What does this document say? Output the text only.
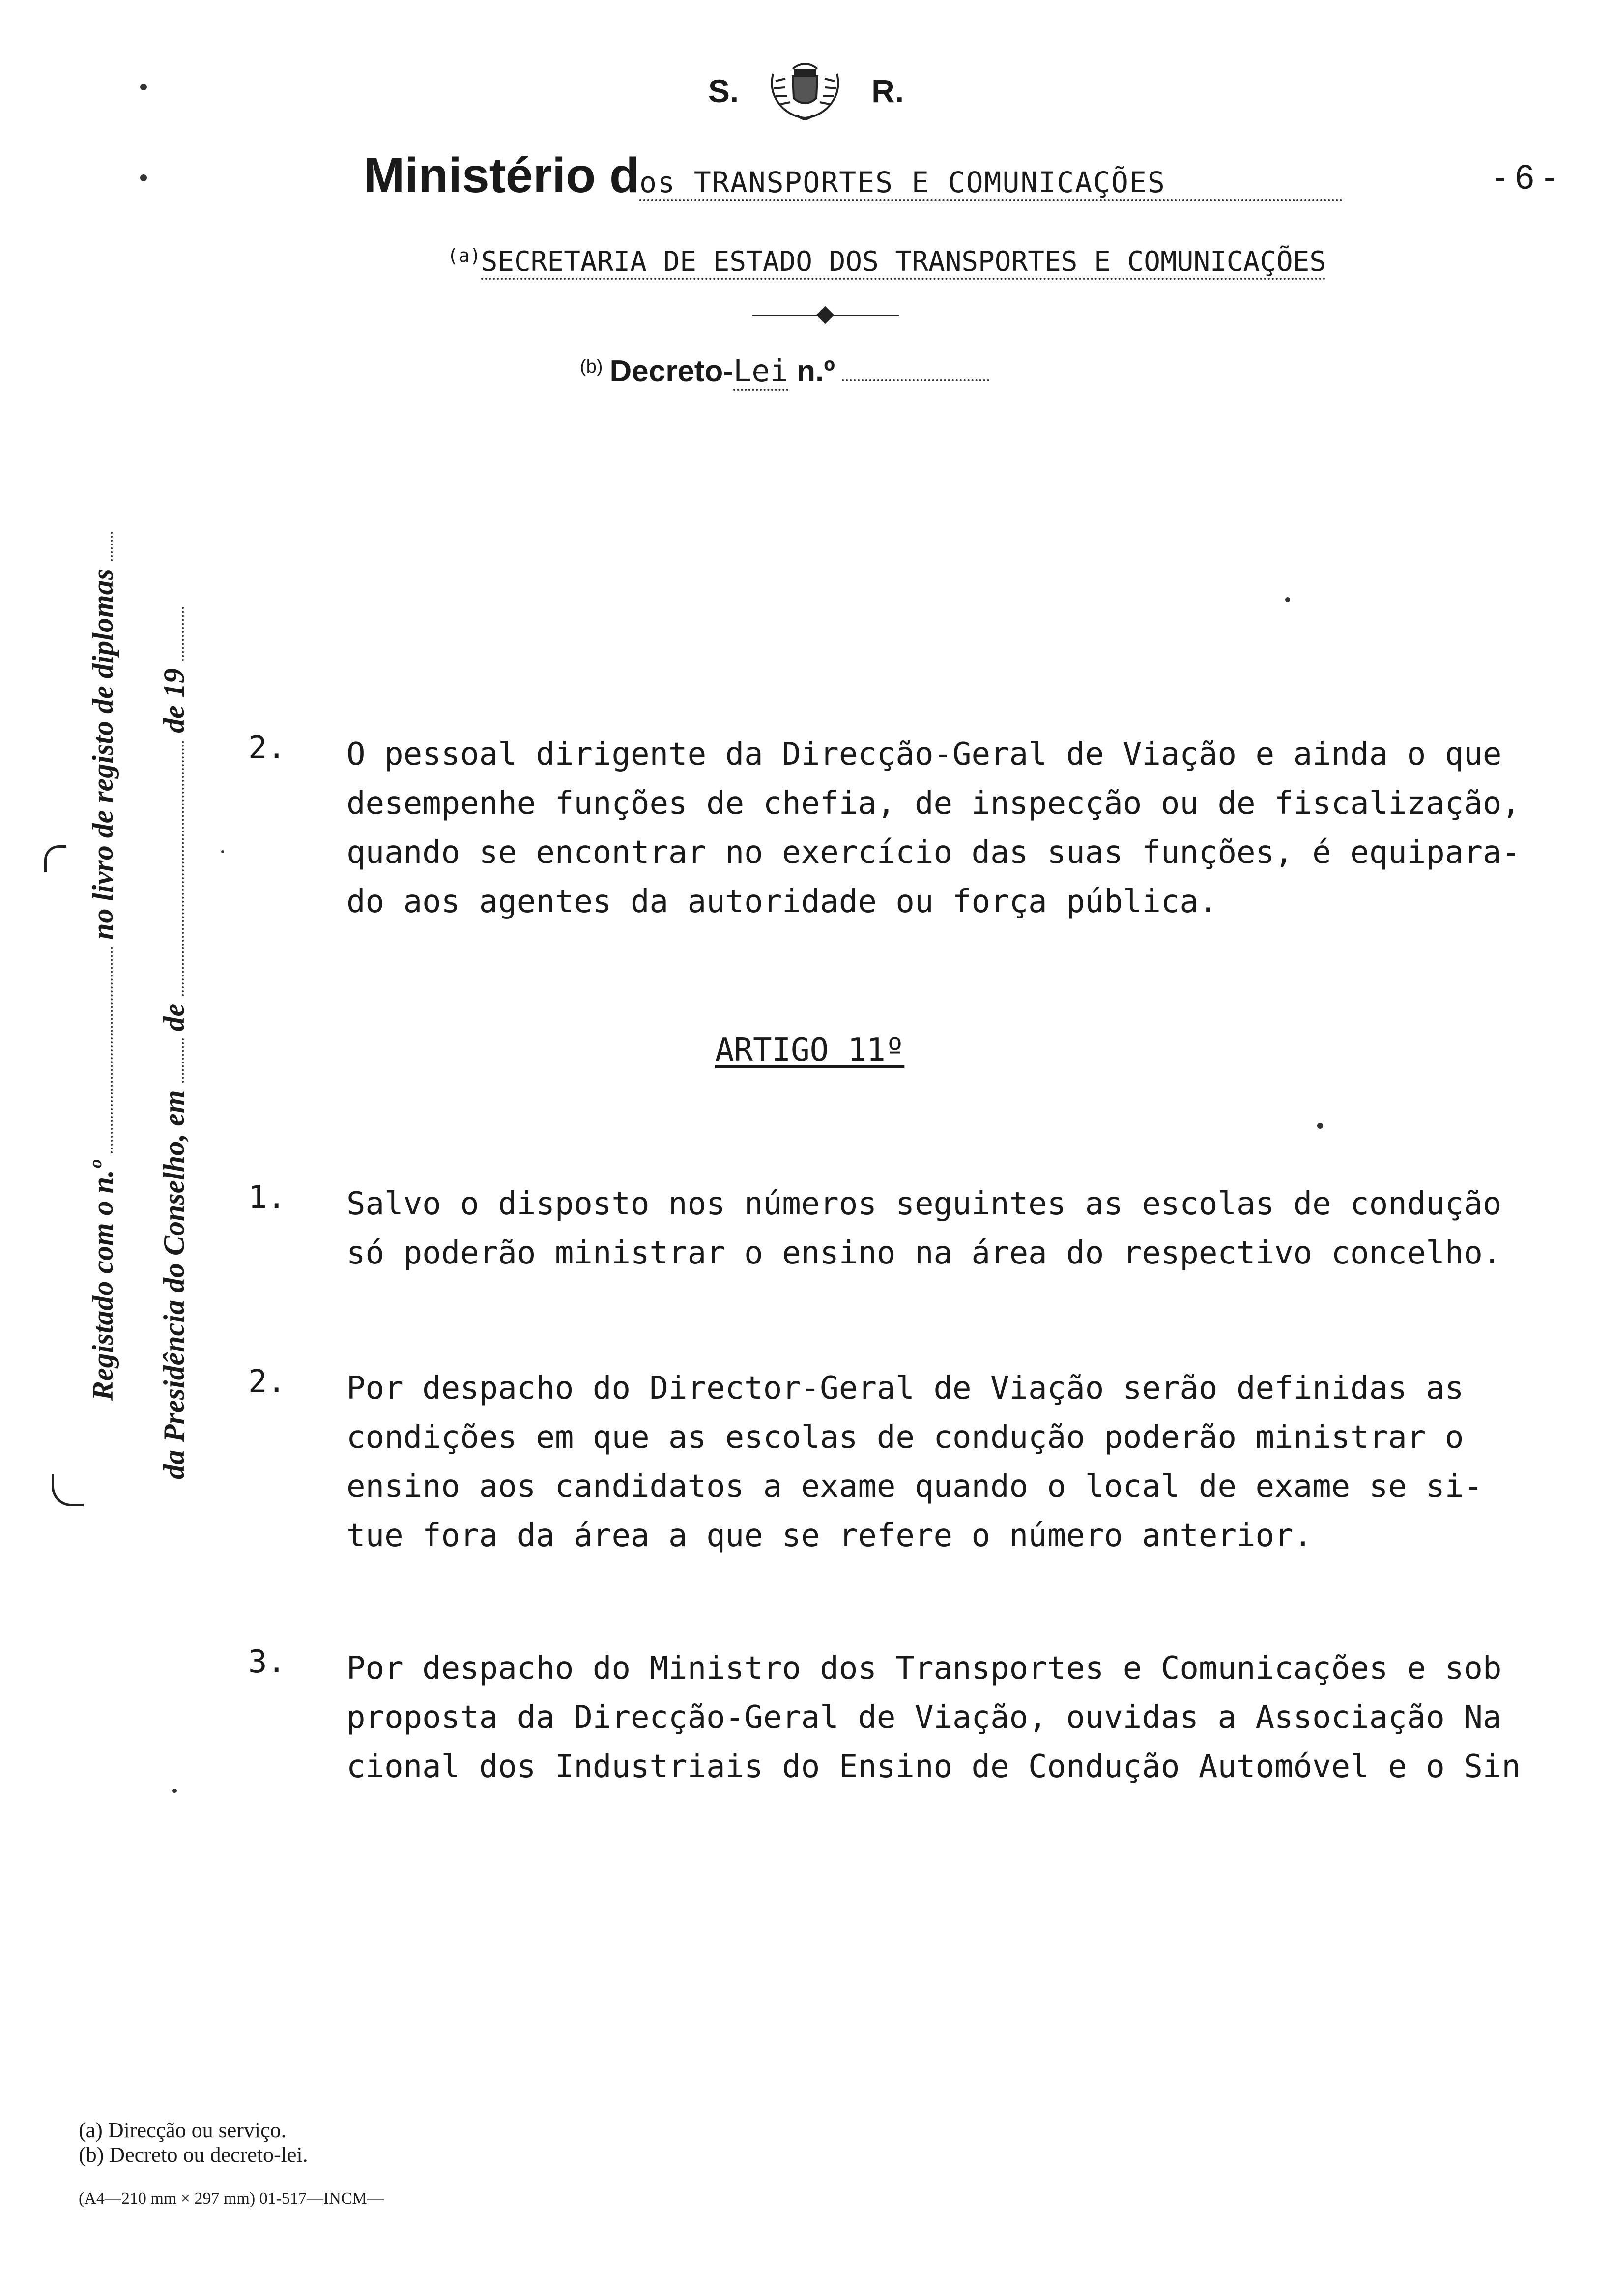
S.	R.
Ministério dos TRANSPORTES E COMUNICAÇÕES	- 6 -
$^{(a)}$SECRETARIA DE ESTADO DOS TRANSPORTES E COMUNICAÇÕES
$^{(b)}$ Decreto-Lei n.º
Registado com o n.º  no livro de registo de diplomas
da Presidência do Conselho, em  de  de 19
2. O pessoal dirigente da Direcção-Geral de Viação e ainda o que
desempenhe funções de chefia, de inspecção ou de fiscalização,
quando se encontrar no exercício das suas funções, é equipara-
do aos agentes da autoridade ou força pública.
ARTIGO 11º
1. Salvo o disposto nos números seguintes as escolas de condução
só poderão ministrar o ensino na área do respectivo concelho.
2. Por despacho do Director-Geral de Viação serão definidas as
condições em que as escolas de condução poderão ministrar o
ensino aos candidatos a exame quando o local de exame se si-
tue fora da área a que se refere o número anterior.
3. Por despacho do Ministro dos Transportes e Comunicações e sob
proposta da Direcção-Geral de Viação, ouvidas a Associação Na
cional dos Industriais do Ensino de Condução Automóvel e o Sin
(a) Direcção ou serviço.
(b) Decreto ou decreto-lei.
(A4—210 mm × 297 mm) 01-517—INCM—
